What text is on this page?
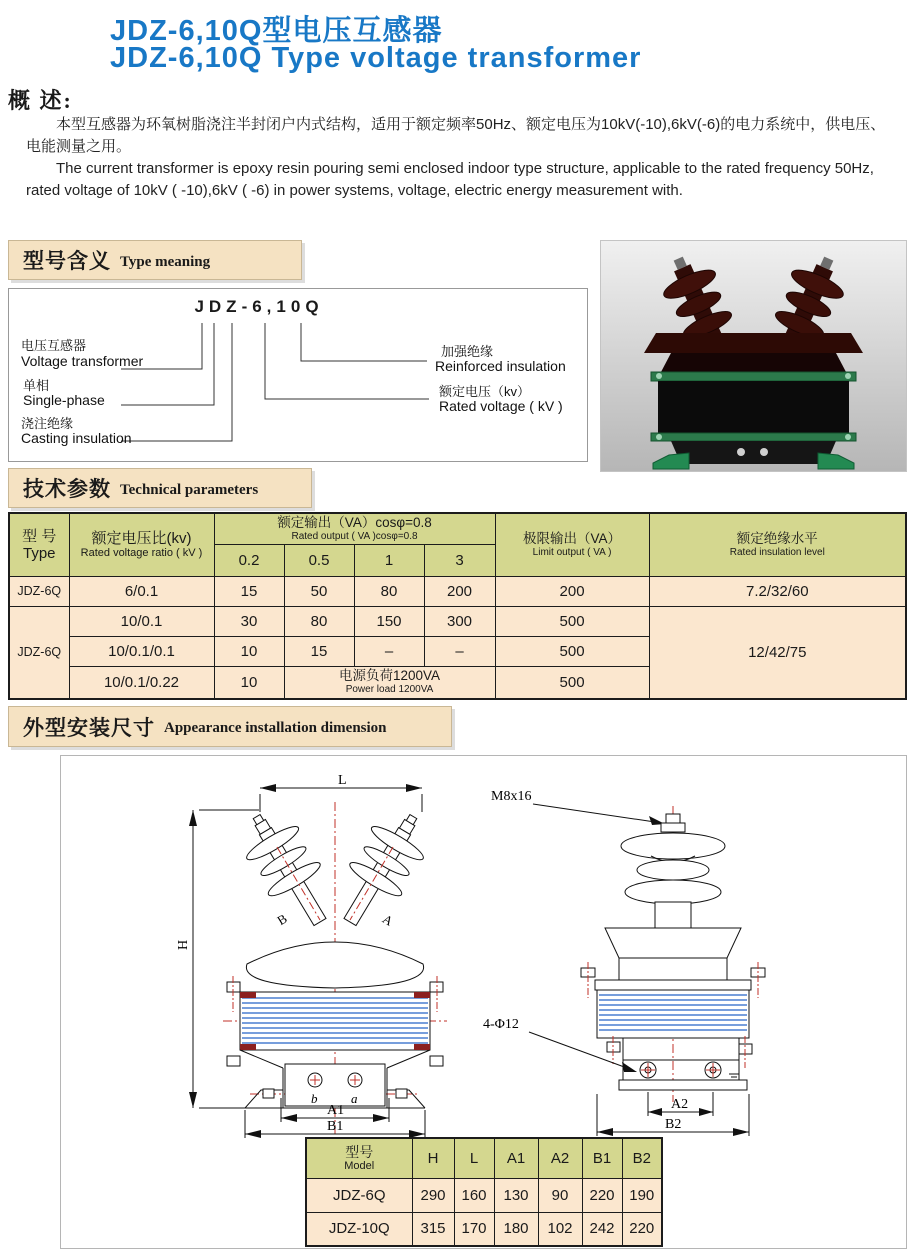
JDZ-6,10Q型电压互感器
JDZ-6,10Q Type voltage transformer
概 述:

本型互感器为环氧树脂浇注半封闭户内式结构，适用于额定频率50Hz、额定电压为10kV(-10),6kV(-6)的电力系统中，供电压、电能测量之用。

The current transformer is epoxy resin pouring semi enclosed indoor type structure, applicable to the rated frequency 50Hz, rated voltage of 10kV ( -10),6kV ( -6) in power systems, voltage, electric energy measurement with.

型号含义 Type meaning
JDZ-6,10Q
电压互感器
Voltage transformer
单相
Single-phase
浇注绝缘
Casting insulation
加强绝缘
Reinforced insulation
额定电压（kv）
Rated voltage ( kV )
技术参数 Technical parameters
型 号
Type	额定电压比(kv)
Rated voltage ratio ( kV )	额定输出（VA）cosφ=0.8
Rated output ( VA )cosφ=0.8				极限输出（VA）
Limit output ( VA )	额定绝缘水平
Rated insulation level

		0.2	0.5	1	3		
JDZ-6Q	6/0.1	15	50	80	200	200	7.2/32/60
JDZ-6Q	10/0.1	30	80	150	300	500	12/42/75
	10/0.1/0.1	10	15	–	–	500	
	10/0.1/0.22	10	电源负荷1200VA
Power load 1200VA			500	
外型安装尺寸 Appearance installation dimension
L
H
B	A
b	a
A1
B1
M8x16
4-Φ12
A2
B2
型号
Model	H	L	A1	A2	B1	B2
JDZ-6Q	290	160	130	90	220	190
JDZ-10Q	315	170	180	102	242	220
